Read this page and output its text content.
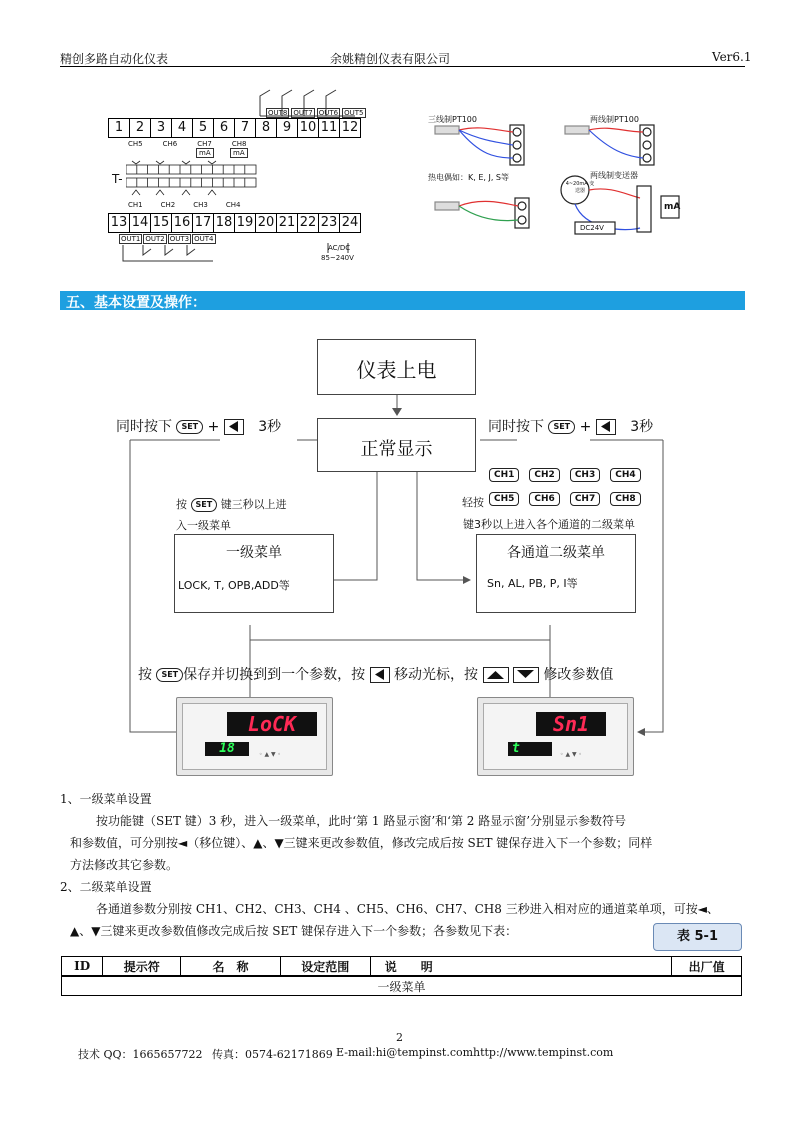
精创多路自动化仪表	余姚精创仪表有限公司	Ver6.1
OUT8 OUT7 OUT6 OUT5
1 2 3 4 5 6 7 8 9 10 11 12
CH5	CH6	CH7	CH8
mA	mA
T-
CH1	CH2	CH3	CH4
13 14 15 16 17 18 19 20 21 22 23 24
OUT1 OUT2 OUT3 OUT4
AC/DC
85~240V
三线制PT100	两线制PT100
热电偶如：K, E, J, S等	两线制变送器
4~20mA 变送器
DC24V
mA
五、基本设置及操作：
仪表上电
正常显示
同时按下 SET +
3秒	同时按下 SET +
3秒
按 SET 键三秒以上进
入一级菜单
CH1	CH2	CH3	CH4
轻按	CH5	CH6	CH7	CH8
键3秒以上进入各个通道的二级菜单
一级菜单
LOCK, T, OPB,ADD等
各通道二级菜单
Sn, AL, PB, P, I等
按 SET 保存并切换到到一个参数，按 移动光标，按
	修改参数值
LoCK
18	◦ ▲ ▼ ◦
Sn1
t	◦ ▲ ▼ ◦
1、一级菜单设置
按功能键（SET 键）3 秒，进入一级菜单，此时‘第 1 路显示窗’和‘第 2 路显示窗’分别显示参数符号
和参数值，可分别按◄（移位键）、▲、▼三键来更改参数值，修改完成后按 SET 键保存进入下一个参数；同样
方法修改其它参数。
2、二级菜单设置
各通道参数分别按 CH1、CH2、CH3、CH4 、CH5、CH6、CH7、CH8 三秒进入相对应的通道菜单项，可按◄、
▲、▼三键来更改参数值修改完成后按 SET 键保存进入下一个参数；各参数见下表：	表 5-1
ID	提示符	名　称	设定范围	说　　明	出厂值
一级菜单
2
技术 QQ：1665657722 传真：0574-62171869 E-mail:hi@tempinst.com http://www.tempinst.com
